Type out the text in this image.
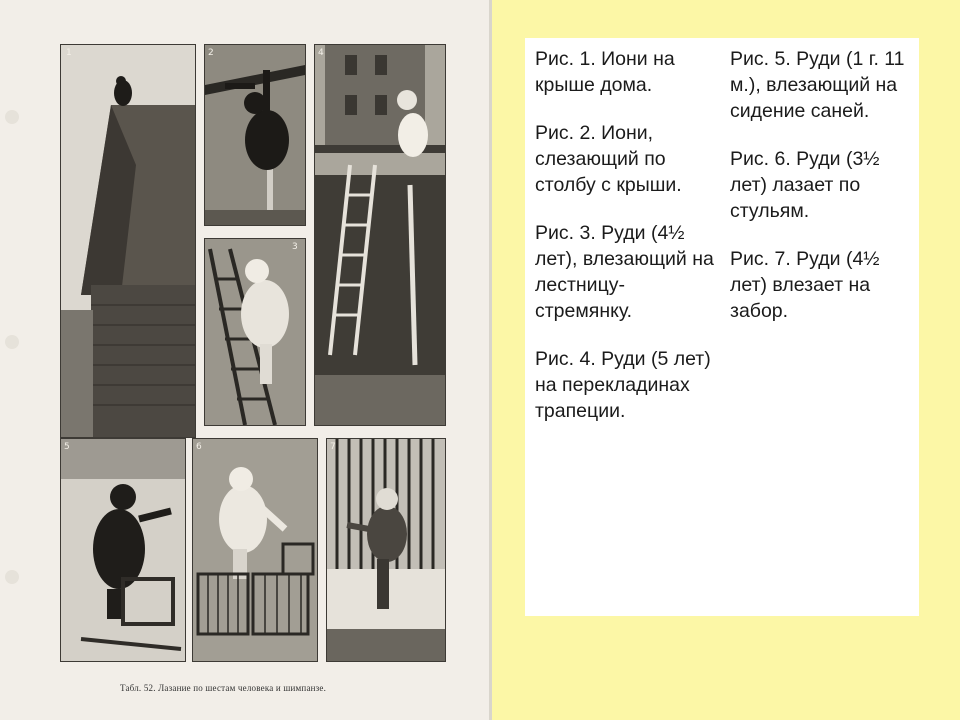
1	2
3
4
5	6	7
Табл. 52. Лазание по шестам человека и шимпанзе.

Рис. 1. Иони на крыше дома.

Рис. 2. Иони, слезающий по столбу с крыши.

Рис. 3. Руди (4½ лет), влезающий на лестницу-стремянку.

Рис. 4. Руди (5 лет) на перекладинах трапеции.

Рис. 5. Руди (1 г. 11 м.), влезающий на сидение саней.

Рис. 6. Руди (3½ лет) лазает по стульям.

Рис. 7. Руди (4½ лет) влезает на забор.
